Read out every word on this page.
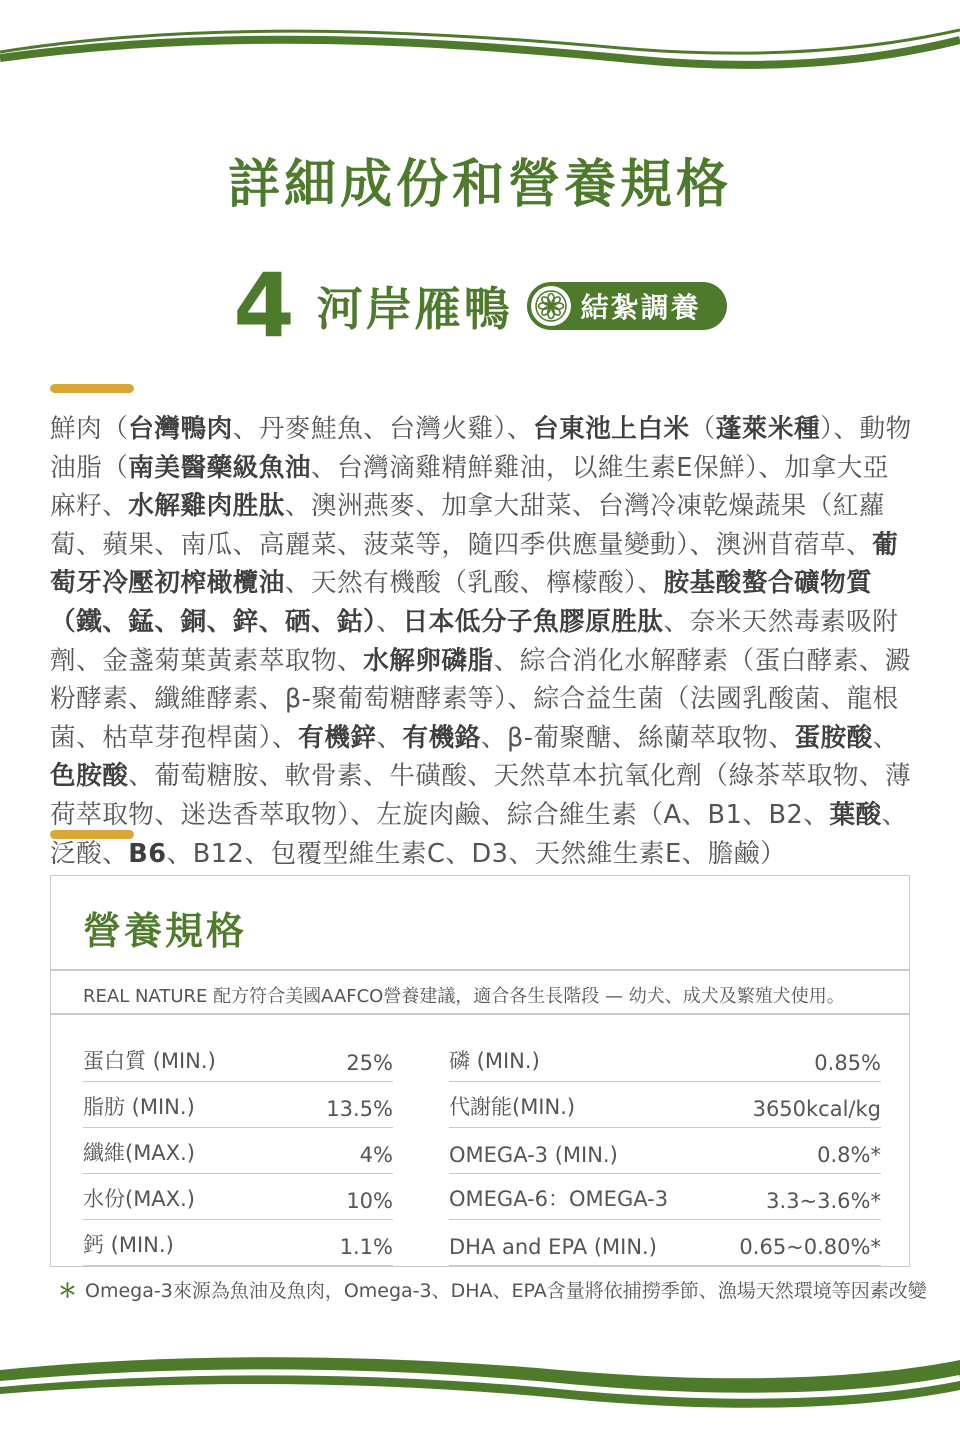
詳細成份和營養規格
4 河岸雁鴨 結紮調養

鮮肉（台灣鴨肉、丹麥鮭魚、台灣火雞）、台東池上白米（蓬萊米種）、動物油脂（南美醫藥級魚油、台灣滴雞精鮮雞油，以維生素E保鮮）、加拿大亞麻籽、水解雞肉胜肽、澳洲燕麥、加拿大甜菜、台灣冷凍乾燥蔬果（紅蘿蔔、蘋果、南瓜、高麗菜、菠菜等，隨四季供應量變動）、澳洲苜蓿草、葡萄牙冷壓初榨橄欖油、天然有機酸（乳酸、檸檬酸）、胺基酸螯合礦物質（鐵、錳、銅、鋅、硒、鈷）、日本低分子魚膠原胜肽、奈米天然毒素吸附劑、金盞菊葉黃素萃取物、水解卵磷脂、綜合消化水解酵素（蛋白酵素、澱粉酵素、纖維酵素、β-聚葡萄糖酵素等）、綜合益生菌（法國乳酸菌、龍根菌、枯草芽孢桿菌）、有機鋅、有機鉻、β-葡聚醣、絲蘭萃取物、蛋胺酸、色胺酸、葡萄糖胺、軟骨素、牛磺酸、天然草本抗氧化劑（綠茶萃取物、薄荷萃取物、迷迭香萃取物）、左旋肉鹼、綜合維生素（A、B1、B2、葉酸、泛酸、B6、B12、包覆型維生素C、D3、天然維生素E、膽鹼）

營養規格
REAL NATURE 配方符合美國AAFCO營養建議，適合各生長階段 — 幼犬、成犬及繁殖犬使用。
蛋白質 (MIN.)	25%
脂肪 (MIN.)	13.5%
纖維(MAX.)	4%
水份(MAX.)	10%
鈣 (MIN.)	1.1%
磷 (MIN.)	0.85%
代謝能(MIN.)	3650kcal/kg
OMEGA-3 (MIN.)	0.8%*
OMEGA-6：OMEGA-3	3.3~3.6%*
DHA and EPA (MIN.)	0.65~0.80%*
＊ Omega-3來源為魚油及魚肉，Omega-3、DHA、EPA含量將依捕撈季節、漁場天然環境等因素改變
